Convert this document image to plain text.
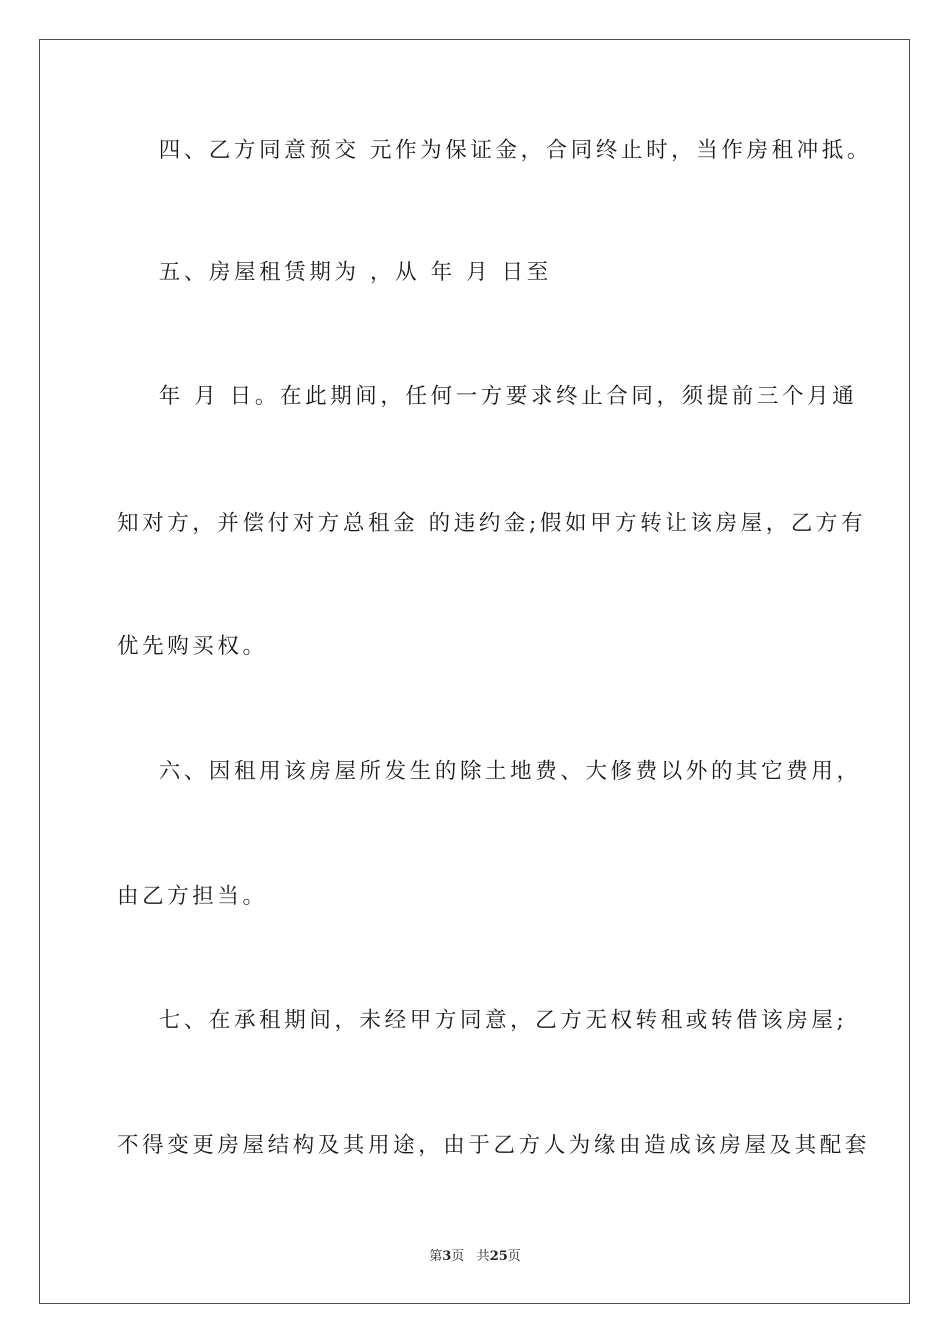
四、乙方同意预交 元作为保证金，合同终止时，当作房租冲抵。
五、房屋租赁期为 ，从 年 月 日至
年 月 日。在此期间，任何一方要求终止合同，须提前三个月通
知对方，并偿付对方总租金 的违约金;假如甲方转让该房屋，乙方有
优先购买权。
六、因租用该房屋所发生的除土地费、大修费以外的其它费用，
由乙方担当。
七、在承租期间，未经甲方同意，乙方无权转租或转借该房屋;
不得变更房屋结构及其用途，由于乙方人为缘由造成该房屋及其配套
第3页 共25页
